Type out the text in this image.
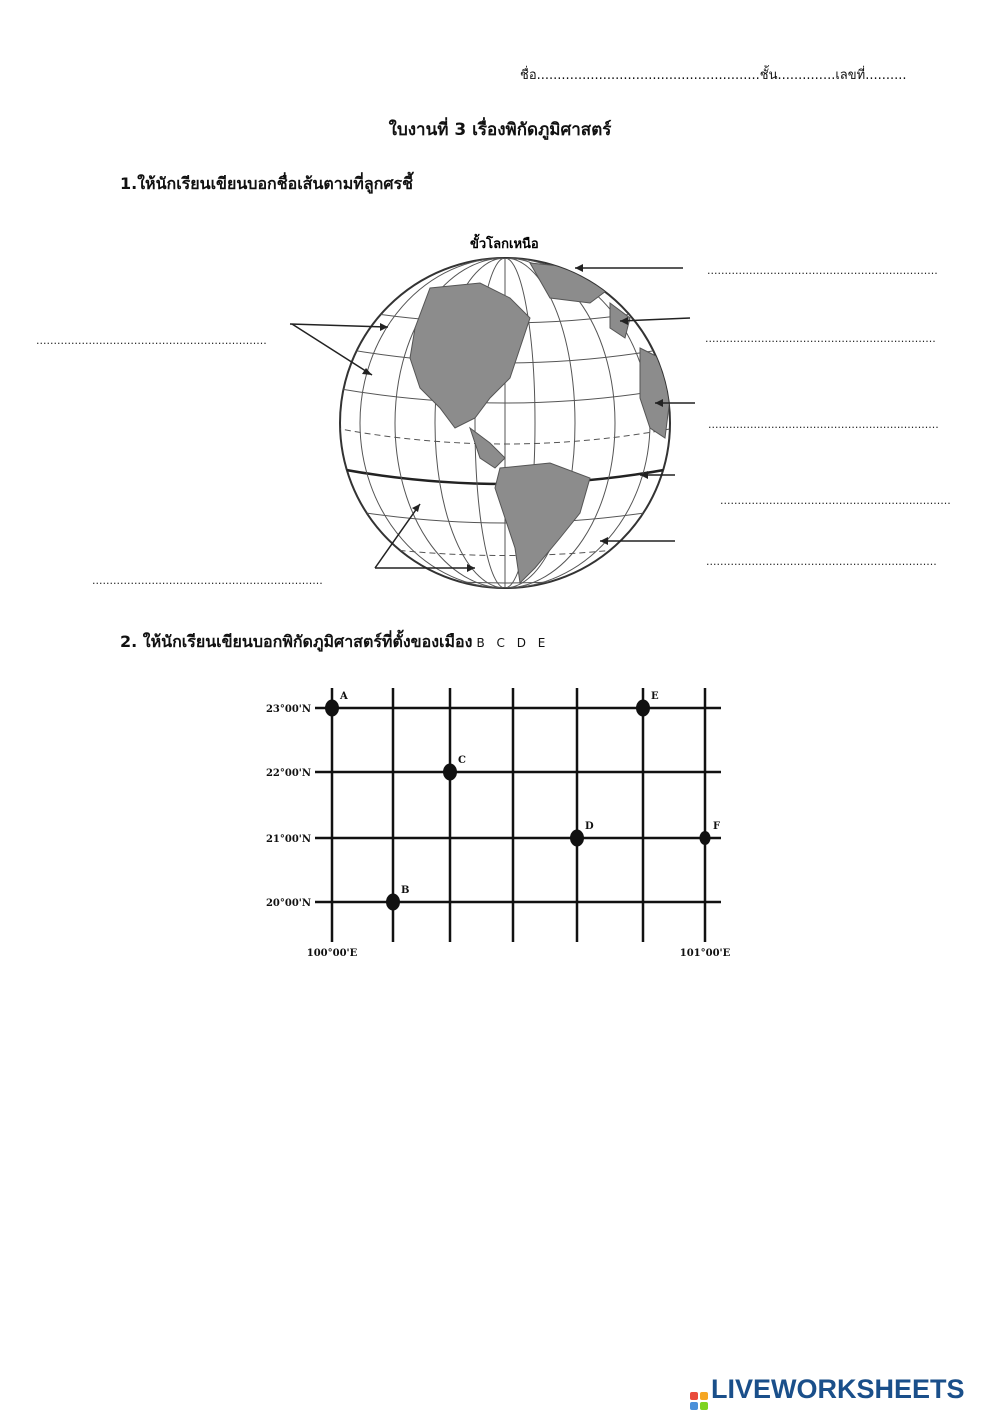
ชื่อ......................................................ชั้น..............เลขที่..........
ใบงานที่ 3 เรื่องพิกัดภูมิศาสตร์
1.ให้นักเรียนเขียนบอกชื่อเส้นตามที่ลูกศรชี้
ขั้วโลกเหนือ
..................................................................
..................................................................
..................................................................
..................................................................
..................................................................
..................................................................
..................................................................
2. ให้นักเรียนเขียนบอกพิกัดภูมิศาสตร์ที่ตั้งของเมือง B C D E
23°00'N
22°00'N
21°00'N
20°00'N
100°00'E	101°00'E
A
B
C
D
E
F
LIVEWORKSHEETS
